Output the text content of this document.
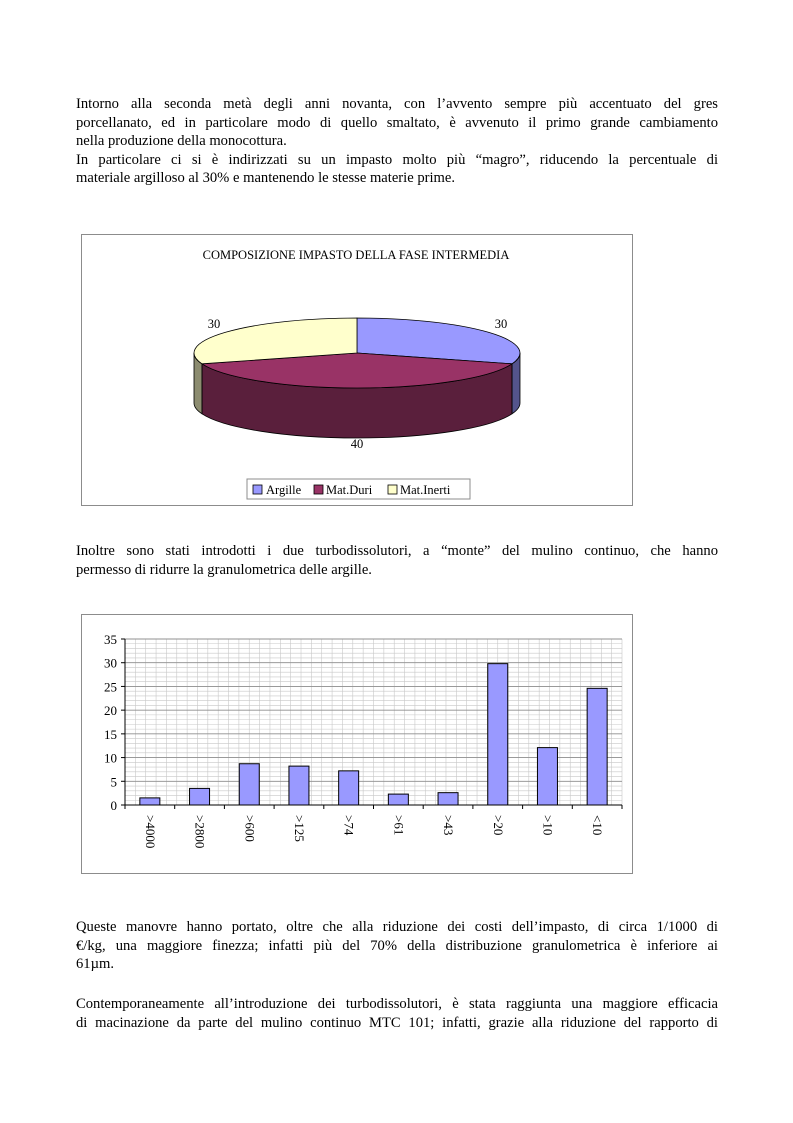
Intorno alla seconda metà degli anni novanta, con l’avvento sempre più accentuato del gres
porcellanato, ed in particolare modo di quello smaltato, è avvenuto il primo grande cambiamento
nella produzione della monocottura.
In particolare ci si è indirizzati su un impasto molto più “magro”, riducendo la percentuale di
materiale argilloso al 30% e mantenendo le stesse materie prime.
COMPOSIZIONE IMPASTO DELLA FASE INTERMEDIA
30
40
30
Argille Mat.Duri Mat.Inerti
Inoltre sono stati introdotti i due turbodissolutori, a “monte” del mulino continuo, che hanno
permesso di ridurre la granulometrica delle argille.
0
5
10
15
20
25
30
35
>4000	>2800	>600	>125	>74	>61	>43	>20	>10	<10
Queste manovre hanno portato, oltre che alla riduzione dei costi dell’impasto, di circa 1/1000 di
€/kg, una maggiore finezza; infatti più del 70% della distribuzione granulometrica è inferiore ai
61µm.
Contemporaneamente all’introduzione dei turbodissolutori, è stata raggiunta una maggiore efficacia
di macinazione da parte del mulino continuo MTC 101; infatti, grazie alla riduzione del rapporto di
